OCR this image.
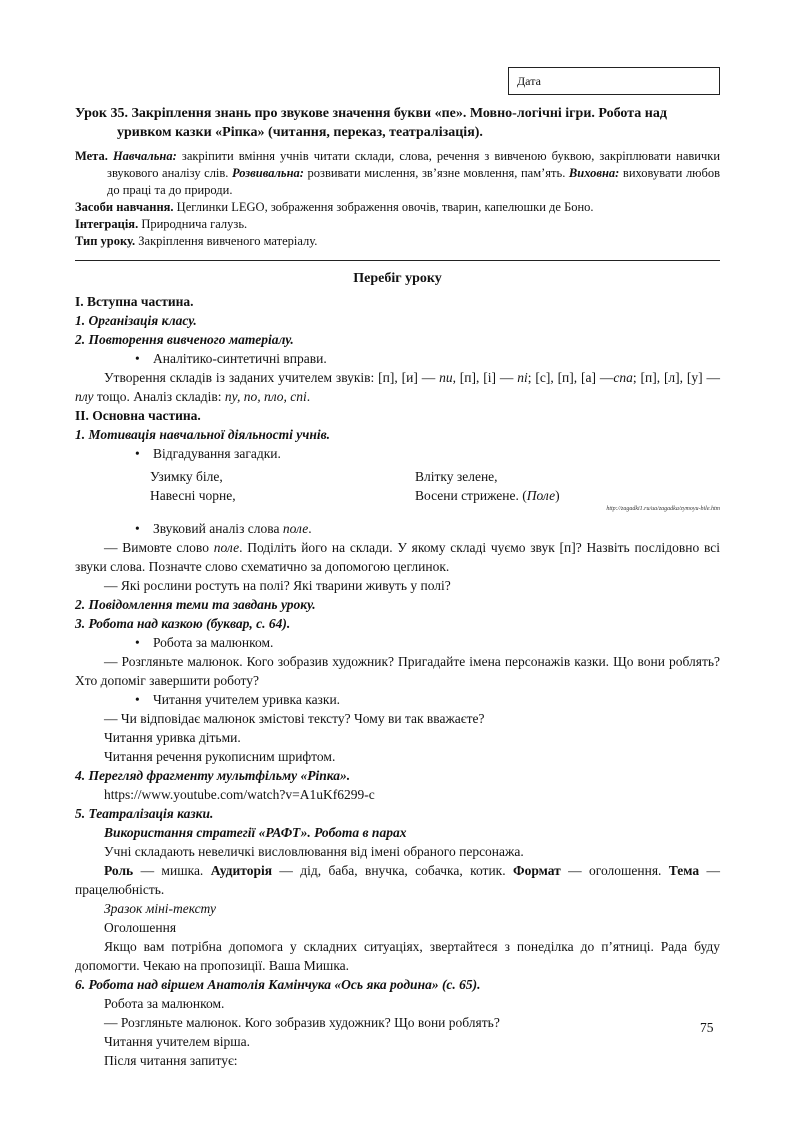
Дата

Урок 35. Закріплення знань про звукове значення букви «пе». Мовно-логічні ігри. Робота над уривком казки «Ріпка» (читання, переказ, театралізація).

Мета. Навчальна: закріпити вміння учнів читати склади, слова, речення з вивченою буквою, закріплювати навички звукового аналізу слів. Розвивальна: розвивати мислення, зв’язне мовлення, пам’ять. Виховна: виховувати любов до праці та до природи.

Засоби навчання. Цеглинки LEGO, зображення зображення овочів, тварин, капелюшки де Боно.

Інтеграція. Природнича галузь.

Тип уроку. Закріплення вивченого матеріалу.

Перебіг уроку

I. Вступна частина.

1. Організація класу.

2. Повторення вивченого матеріалу.

• Аналітико-синтетичні вправи.

Утворення складів із заданих учителем звуків: [п], [и] — пи, [п], [і] — пі; [с], [п], [а] —спа; [п], [л], [у] — плу тощо. Аналіз складів: пу, по, пло, спі.

II. Основна частина.

1. Мотивація навчальної діяльності учнів.

• Відгадування загадки.

Узимку біле,	Влітку зелене,
Навесні чорне,	Восени стрижене. (Поле)

http://zagadki1.ru/ua/zagadka/zymoyu-bile.htm

• Звуковий аналіз слова поле.

— Вимовте слово поле. Поділіть його на склади. У якому складі чуємо звук [п]? Назвіть послідовно всі звуки слова. Позначте слово схематично за допомогою цеглинок.

— Які рослини ростуть на полі? Які тварини живуть у полі?

2. Повідомлення теми та завдань уроку.

3. Робота над казкою (буквар, с. 64).

• Робота за малюнком.

— Розгляньте малюнок. Кого зобразив художник? Пригадайте імена персонажів казки. Що вони роблять? Хто допоміг завершити роботу?

• Читання учителем уривка казки.

— Чи відповідає малюнок змістові тексту? Чому ви так вважаєте?

Читання уривка дітьми.

Читання речення рукописним шрифтом.

4. Перегляд фрагменту мультфільму «Ріпка».

https://www.youtube.com/watch?v=A1uKf6299-c

5. Театралізація казки.

Використання стратегії «РАФТ». Робота в парах

Учні складають невеличкі висловлювання від імені обраного персонажа.

Роль — мишка. Аудиторія — дід, баба, внучка, собачка, котик. Формат — оголошення. Тема — працелюбність.

Зразок міні-тексту

Оголошення

Якщо вам потрібна допомога у складних ситуаціях, звертайтеся з понеділка до п’ятниці. Рада буду допомогти. Чекаю на пропозиції. Ваша Мишка.

6. Робота над віршем Анатолія Камінчука «Ось яка родина» (с. 65).

Робота за малюнком.

— Розгляньте малюнок. Кого зобразив художник? Що вони роблять?

Читання учителем вірша.

Після читання запитує:

75
